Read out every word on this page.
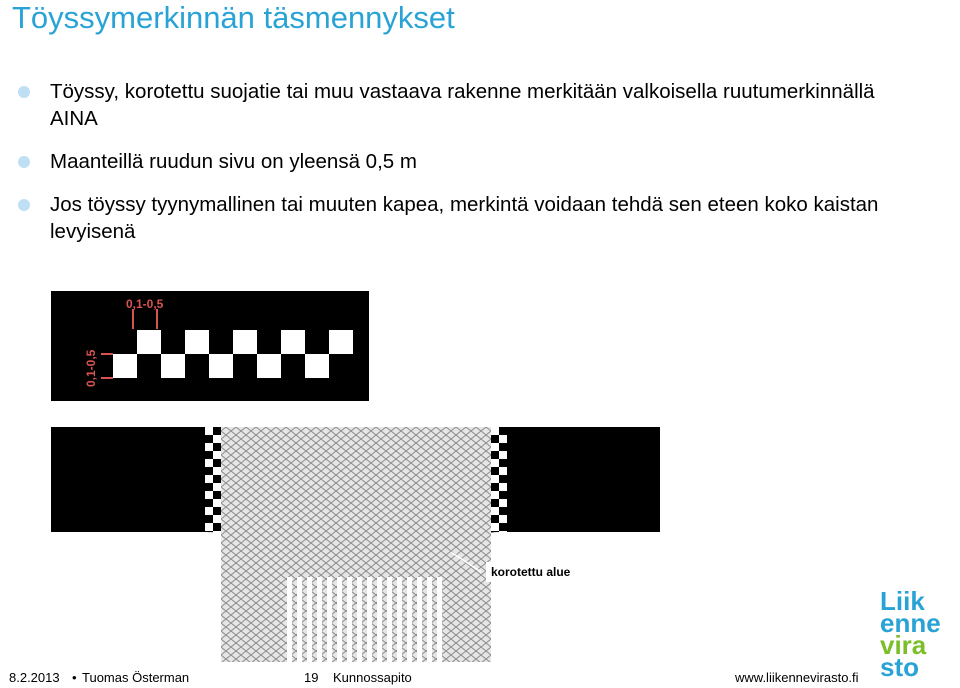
Töyssymerkinnän täsmennykset
Töyssy, korotettu suojatie tai muu vastaava rakenne merkitään valkoisella ruutumerkinnällä AINA
Maanteillä ruudun sivu on yleensä 0,5 m
Jos töyssy tyynymallinen tai muuten kapea, merkintä voidaan tehdä sen eteen koko kaistan levyisenä
0,1-0,5
0,1-0,5
korotettu alue
8.2.2013 • Tuomas Österman	19 Kunnossapito	www.liikennevirasto.fi
Liik
enne
vira
sto
